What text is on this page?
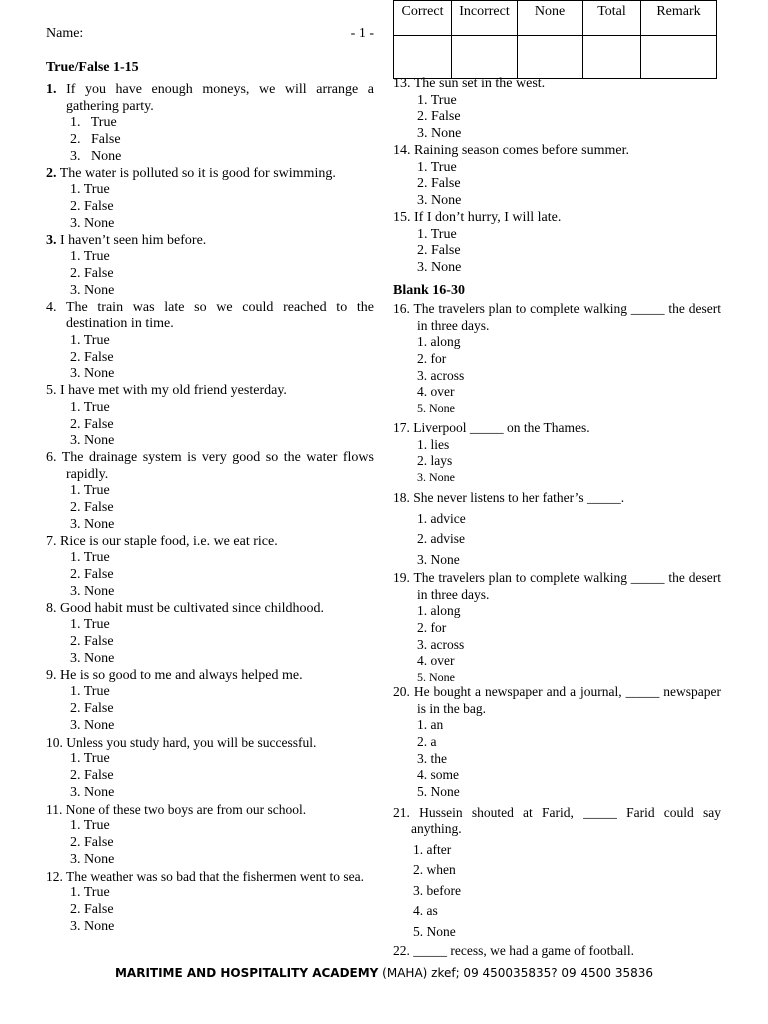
Name:	- 1 -
Correct	Incorrect	None	Total	Remark

True/False 1-15
1. If you have enough moneys, we will arrange a gathering party.
1.   True
2.   False
3.   None
2. The water is polluted so it is good for swimming.
1. True
2. False
3. None
3. I haven’t seen him before.
1. True
2. False
3. None
4. The train was late so we could reached to the destination in time.
1. True
2. False
3. None
5. I have met with my old friend yesterday.
1. True
2. False
3. None
6. The drainage system is very good so the water flows rapidly.
1. True
2. False
3. None
7. Rice is our staple food, i.e. we eat rice.
1. True
2. False
3. None
8. Good habit must be cultivated since childhood.
1. True
2. False
3. None
9. He is so good to me and always helped me.
1. True
2. False
3. None
10. Unless you study hard, you will be successful.
1. True
2. False
3. None
11. None of these two boys are from our school.
1. True
2. False
3. None
12. The weather was so bad that the fishermen went to sea.
1. True
2. False
3. None
13. The sun set in the west.
1. True
2. False
3. None
14. Raining season comes before summer.
1. True
2. False
3. None
15. If I don’t hurry, I will late.
1. True
2. False
3. None
Blank 16-30
16. The travelers plan to complete walking _____ the desert in three days.
1. along
2. for
3. across
4. over
5. None
17. Liverpool _____ on the Thames.
1. lies
2. lays
3. None
18. She never listens to her father’s _____.
1. advice
2. advise
3. None
19. The travelers plan to complete walking _____ the desert in three days.
1. along
2. for
3. across
4. over
5. None
20. He bought a newspaper and a journal, _____ newspaper is in the bag.
1. an
2. a
3. the
4. some
5. None
21. Hussein shouted at Farid, _____ Farid could say anything.
1. after
2. when
3. before
4. as
5. None
22. _____ recess, we had a game of football.
MARITIME AND HOSPITALITY ACADEMY (MAHA) zkef; 09 450035835? 09 4500 35836
